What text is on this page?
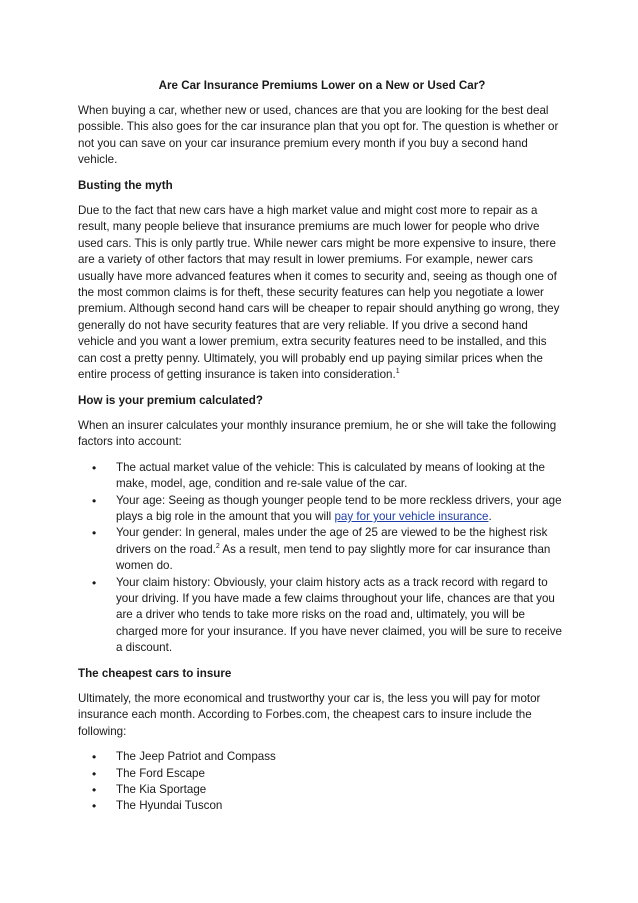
Are Car Insurance Premiums Lower on a New or Used Car?

When buying a car, whether new or used, chances are that you are looking for the best deal possible. This also goes for the car insurance plan that you opt for. The question is whether or not you can save on your car insurance premium every month if you buy a second hand vehicle.

Busting the myth

Due to the fact that new cars have a high market value and might cost more to repair as a result, many people believe that insurance premiums are much lower for people who drive used cars. This is only partly true. While newer cars might be more expensive to insure, there are a variety of other factors that may result in lower premiums. For example, newer cars usually have more advanced features when it comes to security and, seeing as though one of the most common claims is for theft, these security features can help you negotiate a lower premium. Although second hand cars will be cheaper to repair should anything go wrong, they generally do not have security features that are very reliable. If you drive a second hand vehicle and you want a lower premium, extra security features need to be installed, and this can cost a pretty penny. Ultimately, you will probably end up paying similar prices when the entire process of getting insurance is taken into consideration.$^1$

How is your premium calculated?

When an insurer calculates your monthly insurance premium, he or she will take the following factors into account:

• The actual market value of the vehicle: This is calculated by means of looking at the make, model, age, condition and re-sale value of the car.
• Your age: Seeing as though younger people tend to be more reckless drivers, your age plays a big role in the amount that you will pay for your vehicle insurance.
• Your gender: In general, males under the age of 25 are viewed to be the highest risk drivers on the road.$^2$ As a result, men tend to pay slightly more for car insurance than women do.
• Your claim history: Obviously, your claim history acts as a track record with regard to your driving. If you have made a few claims throughout your life, chances are that you are a driver who tends to take more risks on the road and, ultimately, you will be charged more for your insurance. If you have never claimed, you will be sure to receive a discount.
The cheapest cars to insure

Ultimately, the more economical and trustworthy your car is, the less you will pay for motor insurance each month. According to Forbes.com, the cheapest cars to insure include the following:

• The Jeep Patriot and Compass
• The Ford Escape
• The Kia Sportage
• The Hyundai Tuscon
